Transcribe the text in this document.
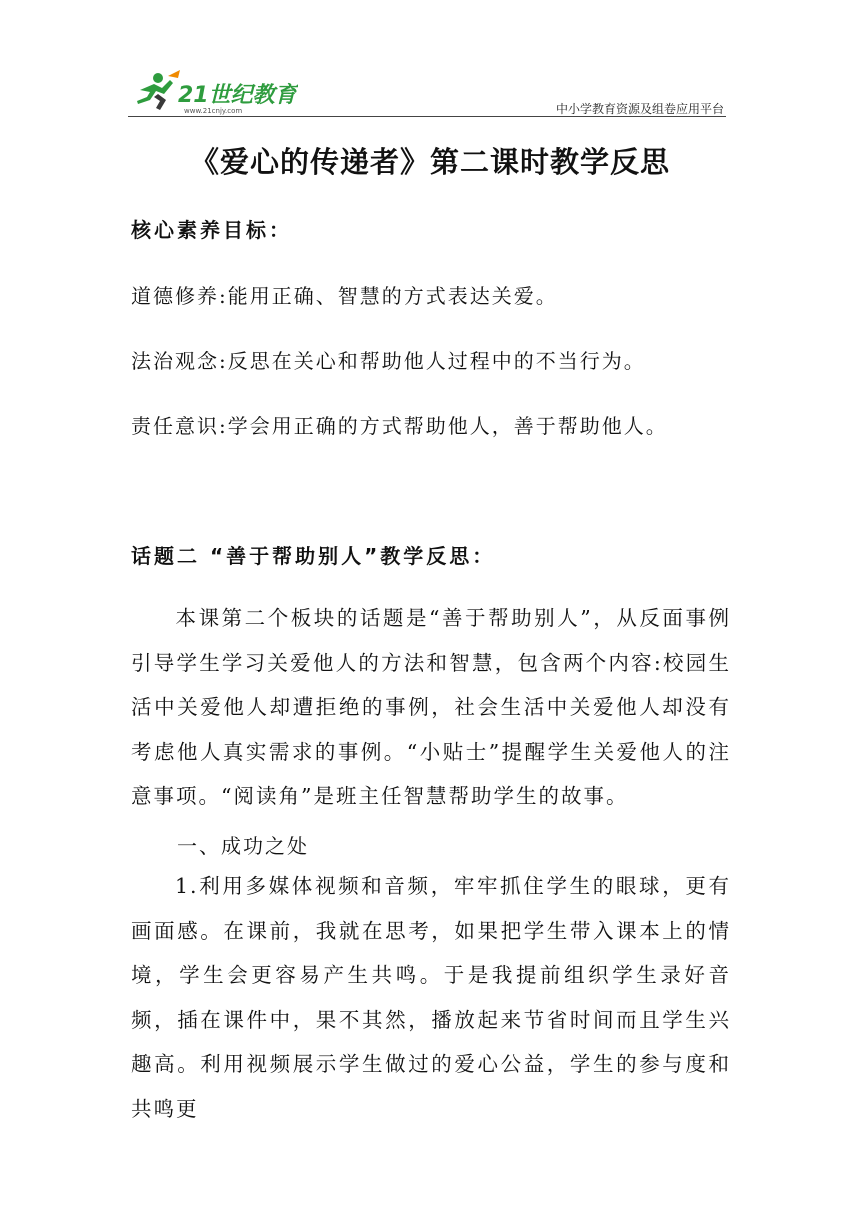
21世纪教育
www.21cnjy.com	中小学教育资源及组卷应用平台
《爱心的传递者》第二课时教学反思
核心素养目标：
道德修养:能用正确、智慧的方式表达关爱。
法治观念:反思在关心和帮助他人过程中的不当行为。
责任意识:学会用正确的方式帮助他人，善于帮助他人。
话题二 “善于帮助别人”教学反思：
本课第二个板块的话题是“善于帮助别人”，从反面事例引导学生学习关爱他人的方法和智慧，包含两个内容:校园生活中关爱他人却遭拒绝的事例，社会生活中关爱他人却没有考虑他人真实需求的事例。“小贴士”提醒学生关爱他人的注意事项。“阅读角”是班主任智慧帮助学生的故事。
一、成功之处
1.利用多媒体视频和音频，牢牢抓住学生的眼球，更有画面感。在课前，我就在思考，如果把学生带入课本上的情境，学生会更容易产生共鸣。于是我提前组织学生录好音频，插在课件中，果不其然，播放起来节省时间而且学生兴趣高。利用视频展示学生做过的爱心公益，学生的参与度和共鸣更
